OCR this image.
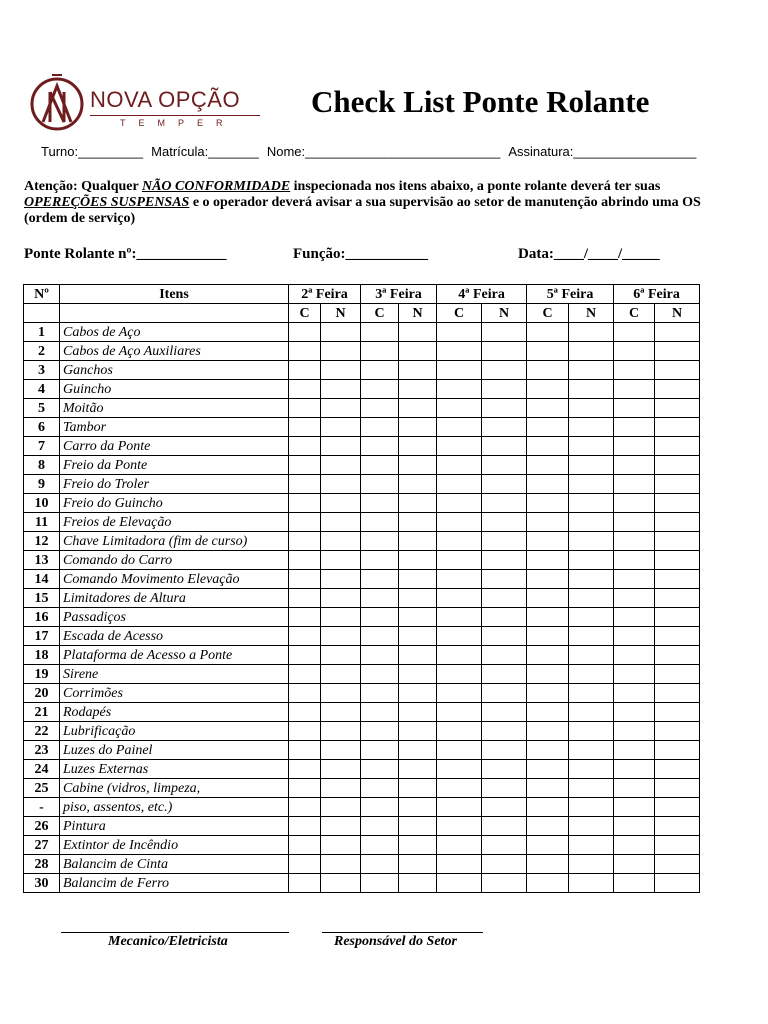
NOVA OPÇÃO
TEMPER
Check List Ponte Rolante
Turno:_________ Matrícula:_______ Nome:___________________________ Assinatura:_________________
Atenção: Qualquer NÃO CONFORMIDADE inspecionada nos itens abaixo, a ponte rolante deverá ter suas OPEREÇÕES SUSPENSAS e o operador deverá avisar a sua supervisão ao setor de manutenção abrindo uma OS (ordem de serviço)
Ponte Rolante nº:____________	Função:___________	Data:____/____/_____
Nº	Itens	2ª Feira		3ª Feira		4ª Feira		5ª Feira		6ª Feira	
		C	N	C	N	C	N	C	N	C	N
1	Cabos de Aço										
2	Cabos de Aço Auxiliares										
3	Ganchos										
4	Guincho										
5	Moitão										
6	Tambor										
7	Carro da Ponte										
8	Freio da Ponte										
9	Freio do Troler										
10	Freio do Guincho										
11	Freios de Elevação										
12	Chave Limitadora (fim de curso)										
13	Comando do Carro										
14	Comando Movimento Elevação										
15	Limitadores de Altura										
16	Passadiços										
17	Escada de Acesso										
18	Plataforma de Acesso a Ponte										
19	Sirene										
20	Corrimões										
21	Rodapés										
22	Lubrificação										
23	Luzes do Painel										
24	Luzes Externas										
25	Cabine (vidros, limpeza,										
-	piso, assentos, etc.)										
26	Pintura										
27	Extintor de Incêndio										
28	Balancim de Cinta										
30	Balancim de Ferro										
Mecanico/Eletricista	Responsável do Setor
